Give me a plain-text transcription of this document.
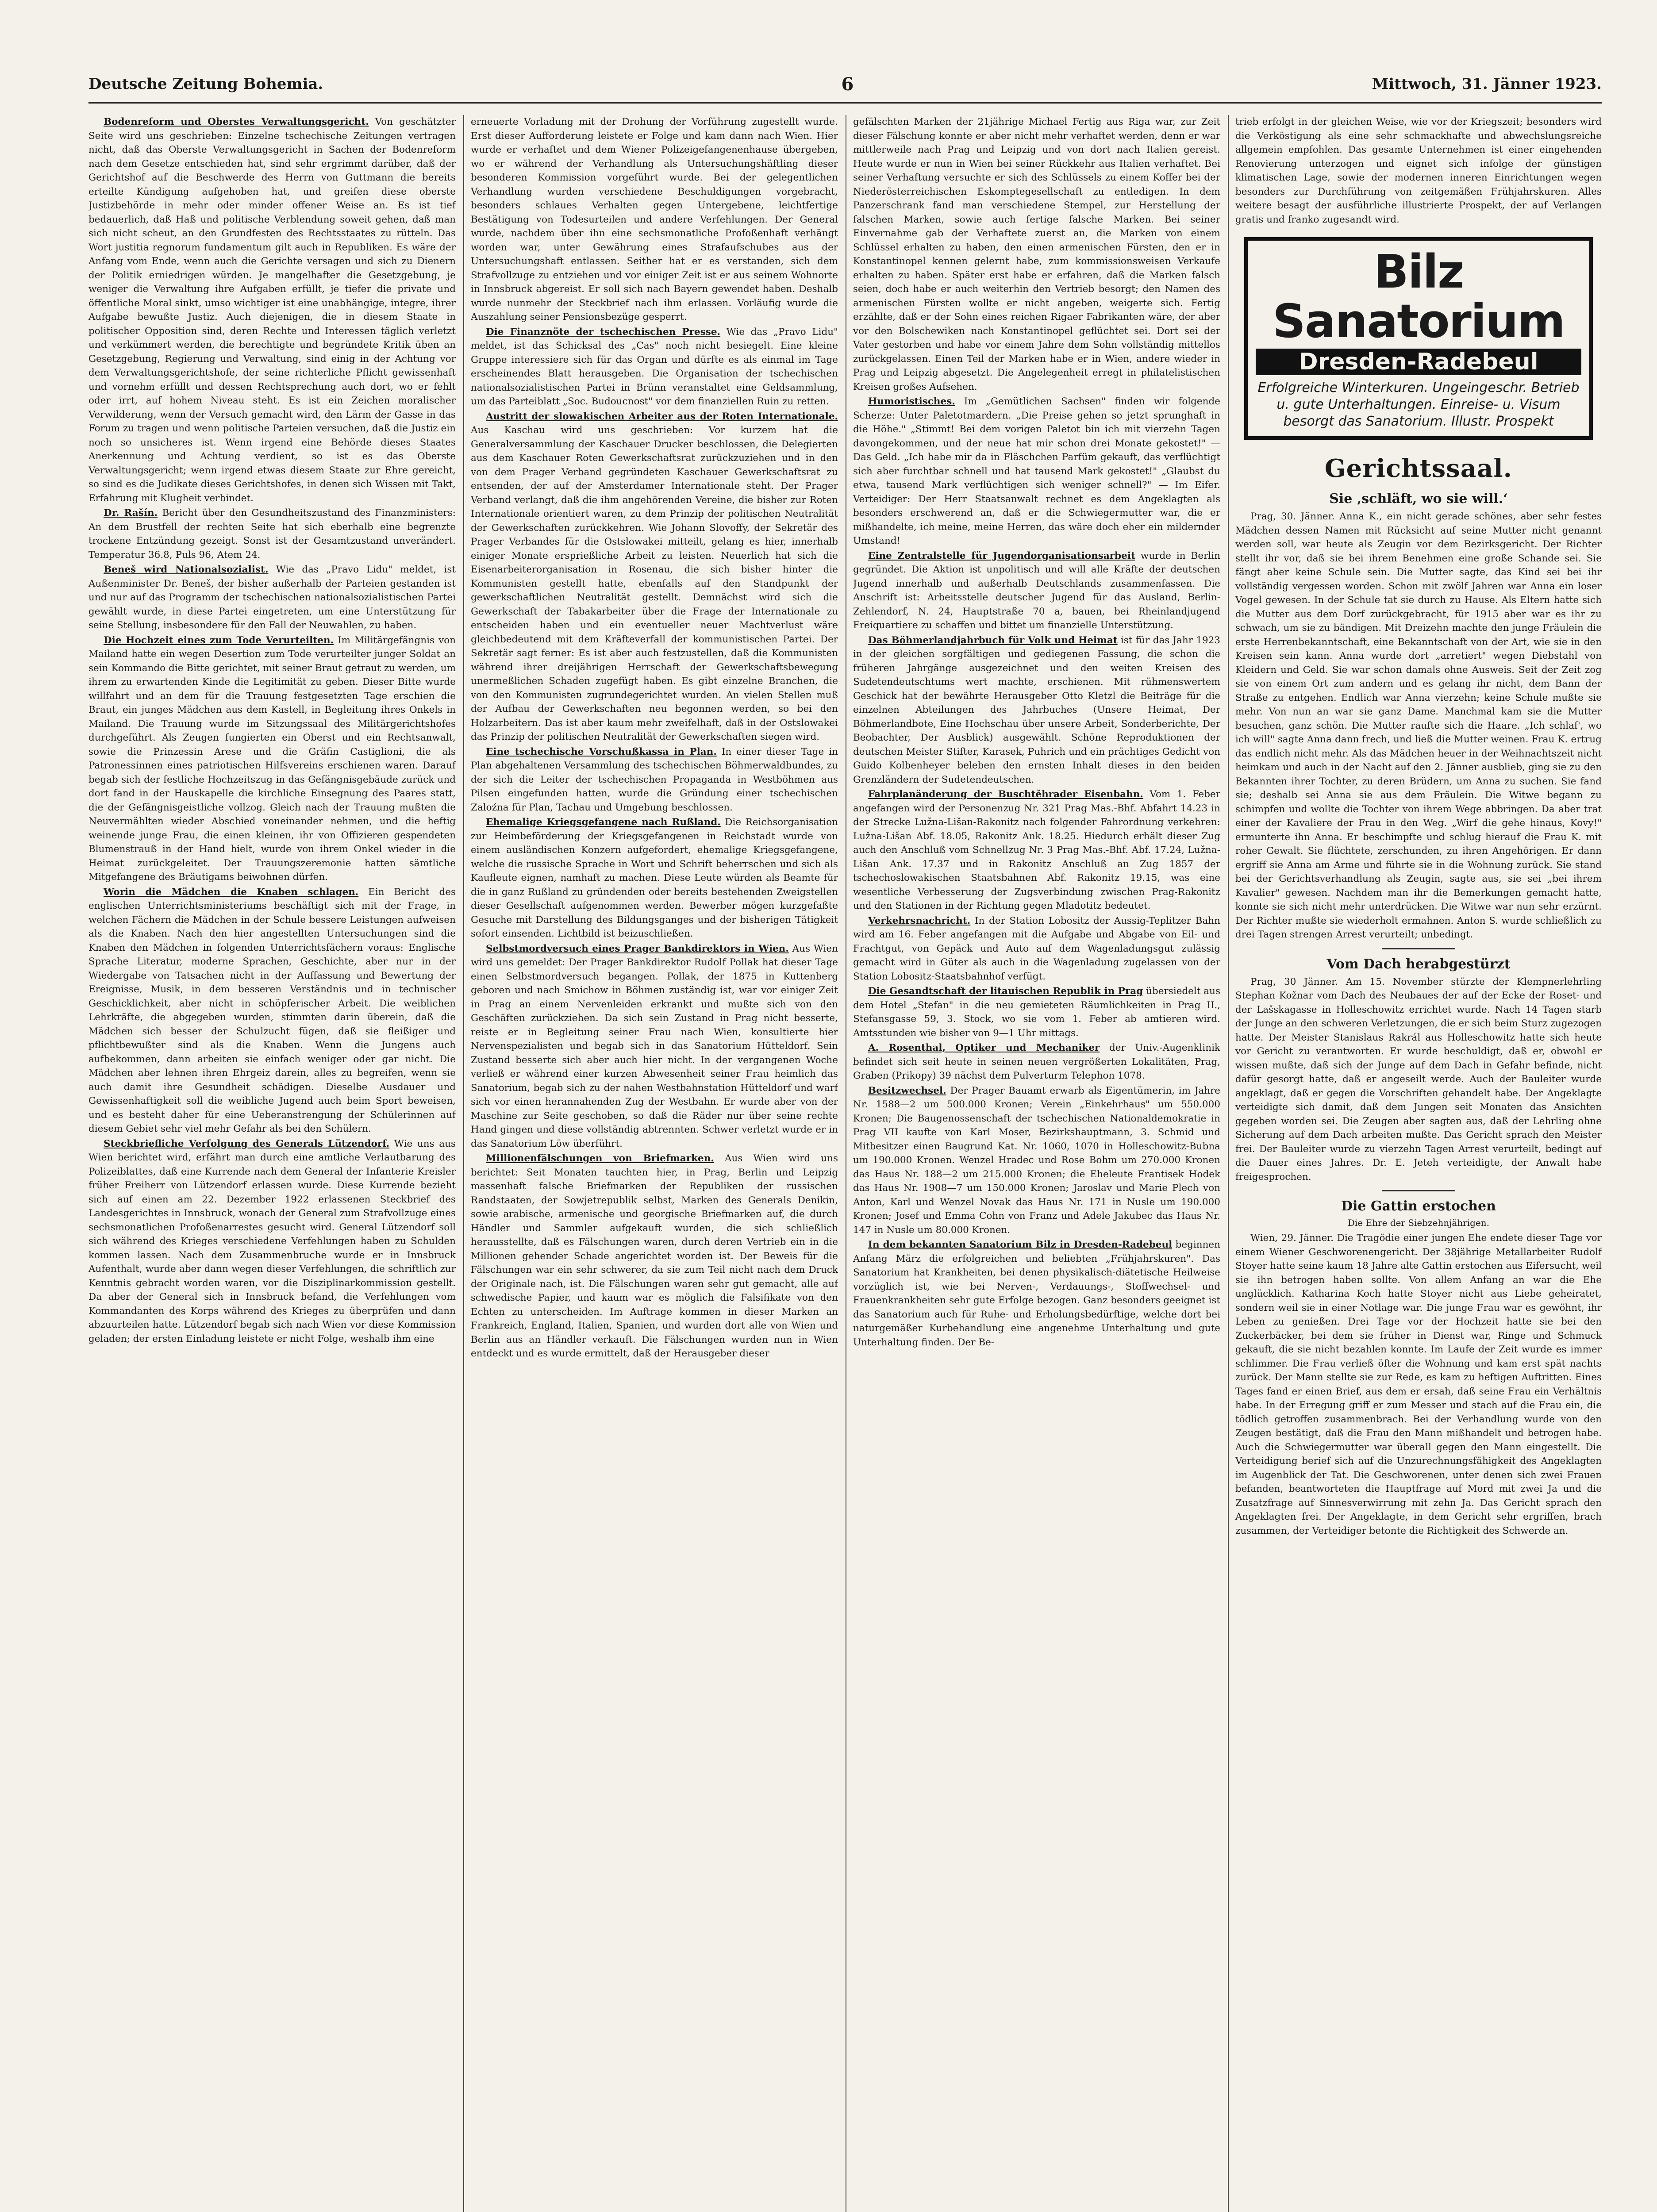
Deutsche Zeitung Bohemia.	6	Mittwoch, 31. Jänner 1923.

Bodenreform und Oberstes Verwaltungsgericht. Von geschätzter Seite wird uns geschrieben: Einzelne tschechische Zeitungen vertragen nicht, daß das Oberste Verwaltungsgericht in Sachen der Bodenreform nach dem Gesetze entschieden hat, sind sehr ergrimmt darüber, daß der Gerichtshof auf die Beschwerde des Herrn von Guttmann die bereits erteilte Kündigung aufgehoben hat, und greifen diese oberste Justizbehörde in mehr oder minder offener Weise an. Es ist tief bedauerlich, daß Haß und politische Verblendung soweit gehen, daß man sich nicht scheut, an den Grundfesten des Rechtsstaates zu rütteln. Das Wort justitia regnorum fundamentum gilt auch in Republiken. Es wäre der Anfang vom Ende, wenn auch die Gerichte versagen und sich zu Dienern der Politik erniedrigen würden. Je mangelhafter die Gesetzgebung, je weniger die Verwaltung ihre Aufgaben erfüllt, je tiefer die private und öffentliche Moral sinkt, umso wichtiger ist eine unabhängige, integre, ihrer Aufgabe bewußte Justiz. Auch diejenigen, die in diesem Staate in politischer Opposition sind, deren Rechte und Interessen täglich verletzt und verkümmert werden, die berechtigte und begründete Kritik üben an Gesetzgebung, Regierung und Verwaltung, sind einig in der Achtung vor dem Verwaltungsgerichtshofe, der seine richterliche Pflicht gewissenhaft und vornehm erfüllt und dessen Rechtsprechung auch dort, wo er fehlt oder irrt, auf hohem Niveau steht. Es ist ein Zeichen moralischer Verwilderung, wenn der Versuch gemacht wird, den Lärm der Gasse in das Forum zu tragen und wenn politische Parteien versuchen, daß die Justiz ein noch so unsicheres ist. Wenn irgend eine Behörde dieses Staates Anerkennung und Achtung verdient, so ist es das Oberste Verwaltungsgericht; wenn irgend etwas diesem Staate zur Ehre gereicht, so sind es die Judikate dieses Gerichtshofes, in denen sich Wissen mit Takt, Erfahrung mit Klugheit verbindet.

Dr. Rašín. Bericht über den Gesundheitszustand des Finanzministers: An dem Brustfell der rechten Seite hat sich eberhalb eine begrenzte trockene Entzündung gezeigt. Sonst ist der Gesamtzustand unverändert. Temperatur 36.8, Puls 96, Atem 24.

Beneš wird Nationalsozialist. Wie das „Pravo Lidu" meldet, ist Außenminister Dr. Beneš, der bisher außerhalb der Parteien gestanden ist und nur auf das Programm der tschechischen nationalsozialistischen Partei gewählt wurde, in diese Partei eingetreten, um eine Unterstützung für seine Stellung, insbesondere für den Fall der Neuwahlen, zu haben.

Die Hochzeit eines zum Tode Verurteilten. Im Militärgefängnis von Mailand hatte ein wegen Desertion zum Tode verurteilter junger Soldat an sein Kommando die Bitte gerichtet, mit seiner Braut getraut zu werden, um ihrem zu erwartenden Kinde die Legitimität zu geben. Dieser Bitte wurde willfahrt und an dem für die Trauung festgesetzten Tage erschien die Braut, ein junges Mädchen aus dem Kastell, in Begleitung ihres Onkels in Mailand. Die Trauung wurde im Sitzungssaal des Militärgerichtshofes durchgeführt. Als Zeugen fungierten ein Oberst und ein Rechtsanwalt, sowie die Prinzessin Arese und die Gräfin Castiglioni, die als Patronessinnen eines patriotischen Hilfsvereins erschienen waren. Darauf begab sich der festliche Hochzeitszug in das Gefängnisgebäude zurück und dort fand in der Hauskapelle die kirchliche Einsegnung des Paares statt, die der Gefängnisgeistliche vollzog. Gleich nach der Trauung mußten die Neuvermählten wieder Abschied voneinander nehmen, und die heftig weinende junge Frau, die einen kleinen, ihr von Offizieren gespendeten Blumenstrauß in der Hand hielt, wurde von ihrem Onkel wieder in die Heimat zurückgeleitet. Der Trauungszeremonie hatten sämtliche Mitgefangene des Bräutigams beiwohnen dürfen.

Worin die Mädchen die Knaben schlagen. Ein Bericht des englischen Unterrichtsministeriums beschäftigt sich mit der Frage, in welchen Fächern die Mädchen in der Schule bessere Leistungen aufweisen als die Knaben. Nach den hier angestellten Untersuchungen sind die Knaben den Mädchen in folgenden Unterrichtsfächern voraus: Englische Sprache Literatur, moderne Sprachen, Geschichte, aber nur in der Wiedergabe von Tatsachen nicht in der Auffassung und Bewertung der Ereignisse, Musik, in dem besseren Verständnis und in technischer Geschicklichkeit, aber nicht in schöpferischer Arbeit. Die weiblichen Lehrkräfte, die abgegeben wurden, stimmten darin überein, daß die Mädchen sich besser der Schulzucht fügen, daß sie fleißiger und pflichtbewußter sind als die Knaben. Wenn die Jungens auch aufbekommen, dann arbeiten sie einfach weniger oder gar nicht. Die Mädchen aber lehnen ihren Ehrgeiz darein, alles zu begreifen, wenn sie auch damit ihre Gesundheit schädigen. Dieselbe Ausdauer und Gewissenhaftigkeit soll die weibliche Jugend auch beim Sport beweisen, und es besteht daher für eine Ueberanstrengung der Schülerinnen auf diesem Gebiet sehr viel mehr Gefahr als bei den Schülern.

Steckbriefliche Verfolgung des Generals Lützendorf. Wie uns aus Wien berichtet wird, erfährt man durch eine amtliche Verlautbarung des Polizeiblattes, daß eine Kurrende nach dem General der Infanterie Kreisler früher Freiherr von Lützendorf erlassen wurde. Diese Kurrende bezieht sich auf einen am 22. Dezember 1922 erlassenen Steckbrief des Landesgerichtes in Innsbruck, wonach der General zum Strafvollzuge eines sechsmonatlichen Profoßenarrestes gesucht wird. General Lützendorf soll sich während des Krieges verschiedene Verfehlungen haben zu Schulden kommen lassen. Nach dem Zusammenbruche wurde er in Innsbruck Aufenthalt, wurde aber dann wegen dieser Verfehlungen, die schriftlich zur Kenntnis gebracht worden waren, vor die Disziplinarkommission gestellt. Da aber der General sich in Innsbruck befand, die Verfehlungen vom Kommandanten des Korps während des Krieges zu überprüfen und dann abzuurteilen hatte. Lützendorf begab sich nach Wien vor diese Kommission geladen; der ersten Einladung leistete er nicht Folge, weshalb ihm eine

erneuerte Vorladung mit der Drohung der Vorführung zugestellt wurde. Erst dieser Aufforderung leistete er Folge und kam dann nach Wien. Hier wurde er verhaftet und dem Wiener Polizeigefangenenhause übergeben, wo er während der Verhandlung als Untersuchungshäftling dieser besonderen Kommission vorgeführt wurde. Bei der gelegentlichen Verhandlung wurden verschiedene Beschuldigungen vorgebracht, besonders schlaues Verhalten gegen Untergebene, leichtfertige Bestätigung von Todesurteilen und andere Verfehlungen. Der General wurde, nachdem über ihn eine sechsmonatliche Profoßenhaft verhängt worden war, unter Gewährung eines Strafaufschubes aus der Untersuchungshaft entlassen. Seither hat er es verstanden, sich dem Strafvollzuge zu entziehen und vor einiger Zeit ist er aus seinem Wohnorte in Innsbruck abgereist. Er soll sich nach Bayern gewendet haben. Deshalb wurde nunmehr der Steckbrief nach ihm erlassen. Vorläufig wurde die Auszahlung seiner Pensionsbezüge gesperrt.

Die Finanznöte der tschechischen Presse. Wie das „Pravo Lidu" meldet, ist das Schicksal des „Cas" noch nicht besiegelt. Eine kleine Gruppe interessiere sich für das Organ und dürfte es als einmal im Tage erscheinendes Blatt herausgeben. Die Organisation der tschechischen nationalsozialistischen Partei in Brünn veranstaltet eine Geldsammlung, um das Parteiblatt „Soc. Budoucnost" vor dem finanziellen Ruin zu retten.

Austritt der slowakischen Arbeiter aus der Roten Internationale. Aus Kaschau wird uns geschrieben: Vor kurzem hat die Generalversammlung der Kaschauer Drucker beschlossen, die Delegierten aus dem Kaschauer Roten Gewerkschaftsrat zurückzuziehen und in den von dem Prager Verband gegründeten Kaschauer Gewerkschaftsrat zu entsenden, der auf der Amsterdamer Internationale steht. Der Prager Verband verlangt, daß die ihm angehörenden Vereine, die bisher zur Roten Internationale orientiert waren, zu dem Prinzip der politischen Neutralität der Gewerkschaften zurückkehren. Wie Johann Slovoffy, der Sekretär des Prager Verbandes für die Ostslowakei mitteilt, gelang es hier, innerhalb einiger Monate ersprießliche Arbeit zu leisten. Neuerlich hat sich die Eisenarbeiterorganisation in Rosenau, die sich bisher hinter die Kommunisten gestellt hatte, ebenfalls auf den Standpunkt der gewerkschaftlichen Neutralität gestellt. Demnächst wird sich die Gewerkschaft der Tabakarbeiter über die Frage der Internationale zu entscheiden haben und ein eventueller neuer Machtverlust wäre gleichbedeutend mit dem Kräfteverfall der kommunistischen Partei. Der Sekretär sagt ferner: Es ist aber auch festzustellen, daß die Kommunisten während ihrer dreijährigen Herrschaft der Gewerkschaftsbewegung unermeßlichen Schaden zugefügt haben. Es gibt einzelne Branchen, die von den Kommunisten zugrundegerichtet wurden. An vielen Stellen muß der Aufbau der Gewerkschaften neu begonnen werden, so bei den Holzarbeitern. Das ist aber kaum mehr zweifelhaft, daß in der Ostslowakei das Prinzip der politischen Neutralität der Gewerkschaften siegen wird.

Eine tschechische Vorschußkassa in Plan. In einer dieser Tage in Plan abgehaltenen Versammlung des tschechischen Böhmerwaldbundes, zu der sich die Leiter der tschechischen Propaganda in Westböhmen aus Pilsen eingefunden hatten, wurde die Gründung einer tschechischen Zaloźna für Plan, Tachau und Umgebung beschlossen.

Ehemalige Kriegsgefangene nach Rußland. Die Reichsorganisation zur Heimbeförderung der Kriegsgefangenen in Reichstadt wurde von einem ausländischen Konzern aufgefordert, ehemalige Kriegsgefangene, welche die russische Sprache in Wort und Schrift beherrschen und sich als Kaufleute eignen, namhaft zu machen. Diese Leute würden als Beamte für die in ganz Rußland zu gründenden oder bereits bestehenden Zweigstellen dieser Gesellschaft aufgenommen werden. Bewerber mögen kurzgefaßte Gesuche mit Darstellung des Bildungsganges und der bisherigen Tätigkeit sofort einsenden. Lichtbild ist beizuschließen.

Selbstmordversuch eines Prager Bankdirektors in Wien. Aus Wien wird uns gemeldet: Der Prager Bankdirektor Rudolf Pollak hat dieser Tage einen Selbstmordversuch begangen. Pollak, der 1875 in Kuttenberg geboren und nach Smichow in Böhmen zuständig ist, war vor einiger Zeit in Prag an einem Nervenleiden erkrankt und mußte sich von den Geschäften zurückziehen. Da sich sein Zustand in Prag nicht besserte, reiste er in Begleitung seiner Frau nach Wien, konsultierte hier Nervenspezialisten und begab sich in das Sanatorium Hütteldorf. Sein Zustand besserte sich aber auch hier nicht. In der vergangenen Woche verließ er während einer kurzen Abwesenheit seiner Frau heimlich das Sanatorium, begab sich zu der nahen Westbahnstation Hütteldorf und warf sich vor einen herannahenden Zug der Westbahn. Er wurde aber von der Maschine zur Seite geschoben, so daß die Räder nur über seine rechte Hand gingen und diese vollständig abtrennten. Schwer verletzt wurde er in das Sanatorium Löw überführt.

Millionenfälschungen von Briefmarken. Aus Wien wird uns berichtet: Seit Monaten tauchten hier, in Prag, Berlin und Leipzig massenhaft falsche Briefmarken der Republiken der russischen Randstaaten, der Sowjetrepublik selbst, Marken des Generals Denikin, sowie arabische, armenische und georgische Briefmarken auf, die durch Händler und Sammler aufgekauft wurden, die sich schließlich herausstellte, daß es Fälschungen waren, durch deren Vertrieb ein in die Millionen gehender Schade angerichtet worden ist. Der Beweis für die Fälschungen war ein sehr schwerer, da sie zum Teil nicht nach dem Druck der Originale nach, ist. Die Fälschungen waren sehr gut gemacht, alle auf schwedische Papier, und kaum war es möglich die Falsifikate von den Echten zu unterscheiden. Im Auftrage kommen in dieser Marken an Frankreich, England, Italien, Spanien, und wurden dort alle von Wien und Berlin aus an Händler verkauft. Die Fälschungen wurden nun in Wien entdeckt und es wurde ermittelt, daß der Herausgeber dieser

gefälschten Marken der 21jährige Michael Fertig aus Riga war, zur Zeit dieser Fälschung konnte er aber nicht mehr verhaftet werden, denn er war mittlerweile nach Prag und Leipzig und von dort nach Italien gereist. Heute wurde er nun in Wien bei seiner Rückkehr aus Italien verhaftet. Bei seiner Verhaftung versuchte er sich des Schlüssels zu einem Koffer bei der Niederösterreichischen Eskomptegesellschaft zu entledigen. In dem Panzerschrank fand man verschiedene Stempel, zur Herstellung der falschen Marken, sowie auch fertige falsche Marken. Bei seiner Einvernahme gab der Verhaftete zuerst an, die Marken von einem Schlüssel erhalten zu haben, den einen armenischen Fürsten, den er in Konstantinopel kennen gelernt habe, zum kommissionsweisen Verkaufe erhalten zu haben. Später erst habe er erfahren, daß die Marken falsch seien, doch habe er auch weiterhin den Vertrieb besorgt; den Namen des armenischen Fürsten wollte er nicht angeben, weigerte sich. Fertig erzählte, daß er der Sohn eines reichen Rigaer Fabrikanten wäre, der aber vor den Bolschewiken nach Konstantinopel geflüchtet sei. Dort sei der Vater gestorben und habe vor einem Jahre dem Sohn vollständig mittellos zurückgelassen. Einen Teil der Marken habe er in Wien, andere wieder in Prag und Leipzig abgesetzt. Die Angelegenheit erregt in philatelistischen Kreisen großes Aufsehen.

Humoristisches. Im „Gemütlichen Sachsen" finden wir folgende Scherze: Unter Paletotmardern. „Die Preise gehen so jetzt sprunghaft in die Höhe." „Stimmt! Bei dem vorigen Paletot bin ich mit vierzehn Tagen davongekommen, und der neue hat mir schon drei Monate gekostet!" — Das Geld. „Ich habe mir da in Fläschchen Parfüm gekauft, das verflüchtigt sich aber furchtbar schnell und hat tausend Mark gekostet!" „Glaubst du etwa, tausend Mark verflüchtigen sich weniger schnell?" — Im Eifer. Verteidiger: Der Herr Staatsanwalt rechnet es dem Angeklagten als besonders erschwerend an, daß er die Schwiegermutter war, die er mißhandelte, ich meine, meine Herren, das wäre doch eher ein mildernder Umstand!

Eine Zentralstelle für Jugendorganisationsarbeit wurde in Berlin gegründet. Die Aktion ist unpolitisch und will alle Kräfte der deutschen Jugend innerhalb und außerhalb Deutschlands zusammenfassen. Die Anschrift ist: Arbeitsstelle deutscher Jugend für das Ausland, Berlin-Zehlendorf, N. 24, Hauptstraße 70 a, bauen, bei Rheinlandjugend Freiquartiere zu schaffen und bittet um finanzielle Unterstützung.

Das Böhmerlandjahrbuch für Volk und Heimat ist für das Jahr 1923 in der gleichen sorgfältigen und gediegenen Fassung, die schon die früheren Jahrgänge ausgezeichnet und den weiten Kreisen des Sudetendeutschtums wert machte, erschienen. Mit rühmenswertem Geschick hat der bewährte Herausgeber Otto Kletzl die Beiträge für die einzelnen Abteilungen des Jahrbuches (Unsere Heimat, Der Böhmerlandbote, Eine Hochschau über unsere Arbeit, Sonderberichte, Der Beobachter, Der Ausblick) ausgewählt. Schöne Reproduktionen der deutschen Meister Stifter, Karasek, Puhrich und ein prächtiges Gedicht von Guido Kolbenheyer beleben den ernsten Inhalt dieses in den beiden Grenzländern der Sudetendeutschen.

Fahrplanänderung der Buschtěhrader Eisenbahn. Vom 1. Feber angefangen wird der Personenzug Nr. 321 Prag Mas.-Bhf. Abfahrt 14.23 in der Strecke Lužna-Lišan-Rakonitz nach folgender Fahrordnung verkehren: Lužna-Lišan Abf. 18.05, Rakonitz Ank. 18.25. Hiedurch erhält dieser Zug auch den Anschluß vom Schnellzug Nr. 3 Prag Mas.-Bhf. Abf. 17.24, Lužna-Lišan Ank. 17.37 und in Rakonitz Anschluß an Zug 1857 der tschechoslowakischen Staatsbahnen Abf. Rakonitz 19.15, was eine wesentliche Verbesserung der Zugsverbindung zwischen Prag-Rakonitz und den Stationen in der Richtung gegen Mladotitz bedeutet.

Verkehrsnachricht. In der Station Lobositz der Aussig-Teplitzer Bahn wird am 16. Feber angefangen mit die Aufgabe und Abgabe von Eil- und Frachtgut, von Gepäck und Auto auf dem Wagenladungsgut zulässig gemacht wird in Güter als auch in die Wagenladung zugelassen von der Station Lobositz-Staatsbahnhof verfügt.

Die Gesandtschaft der litauischen Republik in Prag übersiedelt aus dem Hotel „Stefan" in die neu gemieteten Räumlichkeiten in Prag II., Stefansgasse 59, 3. Stock, wo sie vom 1. Feber ab amtieren wird. Amtsstunden wie bisher von 9—1 Uhr mittags.

A. Rosenthal, Optiker und Mechaniker der Univ.-Augenklinik befindet sich seit heute in seinen neuen vergrößerten Lokalitäten, Prag, Graben (Prikopy) 39 nächst dem Pulverturm Telephon 1078.

Besitzwechsel. Der Prager Bauamt erwarb als Eigentümerin, im Jahre Nr. 1588—2 um 500.000 Kronen; Verein „Einkehrhaus" um 550.000 Kronen; Die Baugenossenschaft der tschechischen Nationaldemokratie in Prag VII kaufte von Karl Moser, Bezirkshauptmann, 3. Schmid und Mitbesitzer einen Baugrund Kat. Nr. 1060, 1070 in Holleschowitz-Bubna um 190.000 Kronen. Wenzel Hradec und Rose Bohm um 270.000 Kronen das Haus Nr. 188—2 um 215.000 Kronen; die Eheleute Frantisek Hodek das Haus Nr. 1908—7 um 150.000 Kronen; Jaroslav und Marie Plech von Anton, Karl und Wenzel Novak das Haus Nr. 171 in Nusle um 190.000 Kronen; Josef und Emma Cohn von Franz und Adele Jakubec das Haus Nr. 147 in Nusle um 80.000 Kronen.

In dem bekannten Sanatorium Bilz in Dresden-Radebeul beginnen Anfang März die erfolgreichen und beliebten „Frühjahrskuren". Das Sanatorium hat Krankheiten, bei denen physikalisch-diätetische Heilweise vorzüglich ist, wie bei Nerven-, Verdauungs-, Stoffwechsel- und Frauenkrankheiten sehr gute Erfolge bezogen. Ganz besonders geeignet ist das Sanatorium auch für Ruhe- und Erholungsbedürftige, welche dort bei naturgemäßer Kurbehandlung eine angenehme Unterhaltung und gute Unterhaltung finden. Der Be-

trieb erfolgt in der gleichen Weise, wie vor der Kriegszeit; besonders wird die Verköstigung als eine sehr schmackhafte und abwechslungsreiche allgemein empfohlen. Das gesamte Unternehmen ist einer eingehenden Renovierung unterzogen und eignet sich infolge der günstigen klimatischen Lage, sowie der modernen inneren Einrichtungen wegen besonders zur Durchführung von zeitgemäßen Frühjahrskuren. Alles weitere besagt der ausführliche illustrierte Prospekt, der auf Verlangen gratis und franko zugesandt wird.

Bilz Sanatorium
Dresden-Radebeul
Erfolgreiche Winterkuren. Ungeingeschr. Betrieb
u. gute Unterhaltungen. Einreise- u. Visum
besorgt das Sanatorium. Illustr. Prospekt
Gerichtssaal.
Sie ‚schläft, wo sie will.‘

Prag, 30. Jänner. Anna K., ein nicht gerade schönes, aber sehr festes Mädchen dessen Namen mit Rücksicht auf seine Mutter nicht genannt werden soll, war heute als Zeugin vor dem Bezirksgericht. Der Richter stellt ihr vor, daß sie bei ihrem Benehmen eine große Schande sei. Sie fängt aber keine Schule sein. Die Mutter sagte, das Kind sei bei ihr vollständig vergessen worden. Schon mit zwölf Jahren war Anna ein loser Vogel gewesen. In der Schule tat sie durch zu Hause. Als Eltern hatte sich die Mutter aus dem Dorf zurückgebracht, für 1915 aber war es ihr zu schwach, um sie zu bändigen. Mit Dreizehn machte den junge Fräulein die erste Herrenbekanntschaft, eine Bekanntschaft von der Art, wie sie in den Kreisen sein kann. Anna wurde dort „arretiert" wegen Diebstahl von Kleidern und Geld. Sie war schon damals ohne Ausweis. Seit der Zeit zog sie von einem Ort zum andern und es gelang ihr nicht, dem Bann der Straße zu entgehen. Endlich war Anna vierzehn; keine Schule mußte sie mehr. Von nun an war sie ganz Dame. Manchmal kam sie die Mutter besuchen, ganz schön. Die Mutter raufte sich die Haare. „Ich schlaf', wo ich will" sagte Anna dann frech, und ließ die Mutter weinen. Frau K. ertrug das endlich nicht mehr. Als das Mädchen heuer in der Weihnachtszeit nicht heimkam und auch in der Nacht auf den 2. Jänner ausblieb, ging sie zu den Bekannten ihrer Tochter, zu deren Brüdern, um Anna zu suchen. Sie fand sie; deshalb sei Anna sie aus dem Fräulein. Die Witwe begann zu schimpfen und wollte die Tochter von ihrem Wege abbringen. Da aber trat einer der Kavaliere der Frau in den Weg. „Wirf die gehe hinaus, Kovy!" ermunterte ihn Anna. Er beschimpfte und schlug hierauf die Frau K. mit roher Gewalt. Sie flüchtete, zerschunden, zu ihren Angehörigen. Er dann ergriff sie Anna am Arme und führte sie in die Wohnung zurück. Sie stand bei der Gerichtsverhandlung als Zeugin, sagte aus, sie sei „bei ihrem Kavalier" gewesen. Nachdem man ihr die Bemerkungen gemacht hatte, konnte sie sich nicht mehr unterdrücken. Die Witwe war nun sehr erzürnt. Der Richter mußte sie wiederholt ermahnen. Anton S. wurde schließlich zu drei Tagen strengen Arrest verurteilt; unbedingt.

Vom Dach herabgestürzt

Prag, 30 Jänner. Am 15. November stürzte der Klempnerlehrling Stephan Kožnar vom Dach des Neubaues der auf der Ecke der Roset- und der Lašskagasse in Holleschowitz errichtet wurde. Nach 14 Tagen starb der Junge an den schweren Verletzungen, die er sich beim Sturz zugezogen hatte. Der Meister Stanislaus Rakrál aus Holleschowitz hatte sich heute vor Gericht zu verantworten. Er wurde beschuldigt, daß er, obwohl er wissen mußte, daß sich der Junge auf dem Dach in Gefahr befinde, nicht dafür gesorgt hatte, daß er angeseilt werde. Auch der Bauleiter wurde angeklagt, daß er gegen die Vorschriften gehandelt habe. Der Angeklagte verteidigte sich damit, daß dem Jungen seit Monaten das Ansichten gegeben worden sei. Die Zeugen aber sagten aus, daß der Lehrling ohne Sicherung auf dem Dach arbeiten mußte. Das Gericht sprach den Meister frei. Der Bauleiter wurde zu vierzehn Tagen Arrest verurteilt, bedingt auf die Dauer eines Jahres. Dr. E. Jeteh verteidigte, der Anwalt habe freigesprochen.

Die Gattin erstochen
Die Ehre der Siebzehnjährigen.

Wien, 29. Jänner. Die Tragödie einer jungen Ehe endete dieser Tage vor einem Wiener Geschworenengericht. Der 38jährige Metallarbeiter Rudolf Stoyer hatte seine kaum 18 Jahre alte Gattin erstochen aus Eifersucht, weil sie ihn betrogen haben sollte. Von allem Anfang an war die Ehe unglücklich. Katharina Koch hatte Stoyer nicht aus Liebe geheiratet, sondern weil sie in einer Notlage war. Die junge Frau war es gewöhnt, ihr Leben zu genießen. Drei Tage vor der Hochzeit hatte sie bei den Zuckerbäcker, bei dem sie früher in Dienst war, Ringe und Schmuck gekauft, die sie nicht bezahlen konnte. Im Laufe der Zeit wurde es immer schlimmer. Die Frau verließ öfter die Wohnung und kam erst spät nachts zurück. Der Mann stellte sie zur Rede, es kam zu heftigen Auftritten. Eines Tages fand er einen Brief, aus dem er ersah, daß seine Frau ein Verhältnis habe. In der Erregung griff er zum Messer und stach auf die Frau ein, die tödlich getroffen zusammenbrach. Bei der Verhandlung wurde von den Zeugen bestätigt, daß die Frau den Mann mißhandelt und betrogen habe. Auch die Schwiegermutter war überall gegen den Mann eingestellt. Die Verteidigung berief sich auf die Unzurechnungsfähigkeit des Angeklagten im Augenblick der Tat. Die Geschworenen, unter denen sich zwei Frauen befanden, beantworteten die Hauptfrage auf Mord mit zwei Ja und die Zusatzfrage auf Sinnesverwirrung mit zehn Ja. Das Gericht sprach den Angeklagten frei. Der Angeklagte, in dem Gericht sehr ergriffen, brach zusammen, der Verteidiger betonte die Richtigkeit des Schwerde an.
